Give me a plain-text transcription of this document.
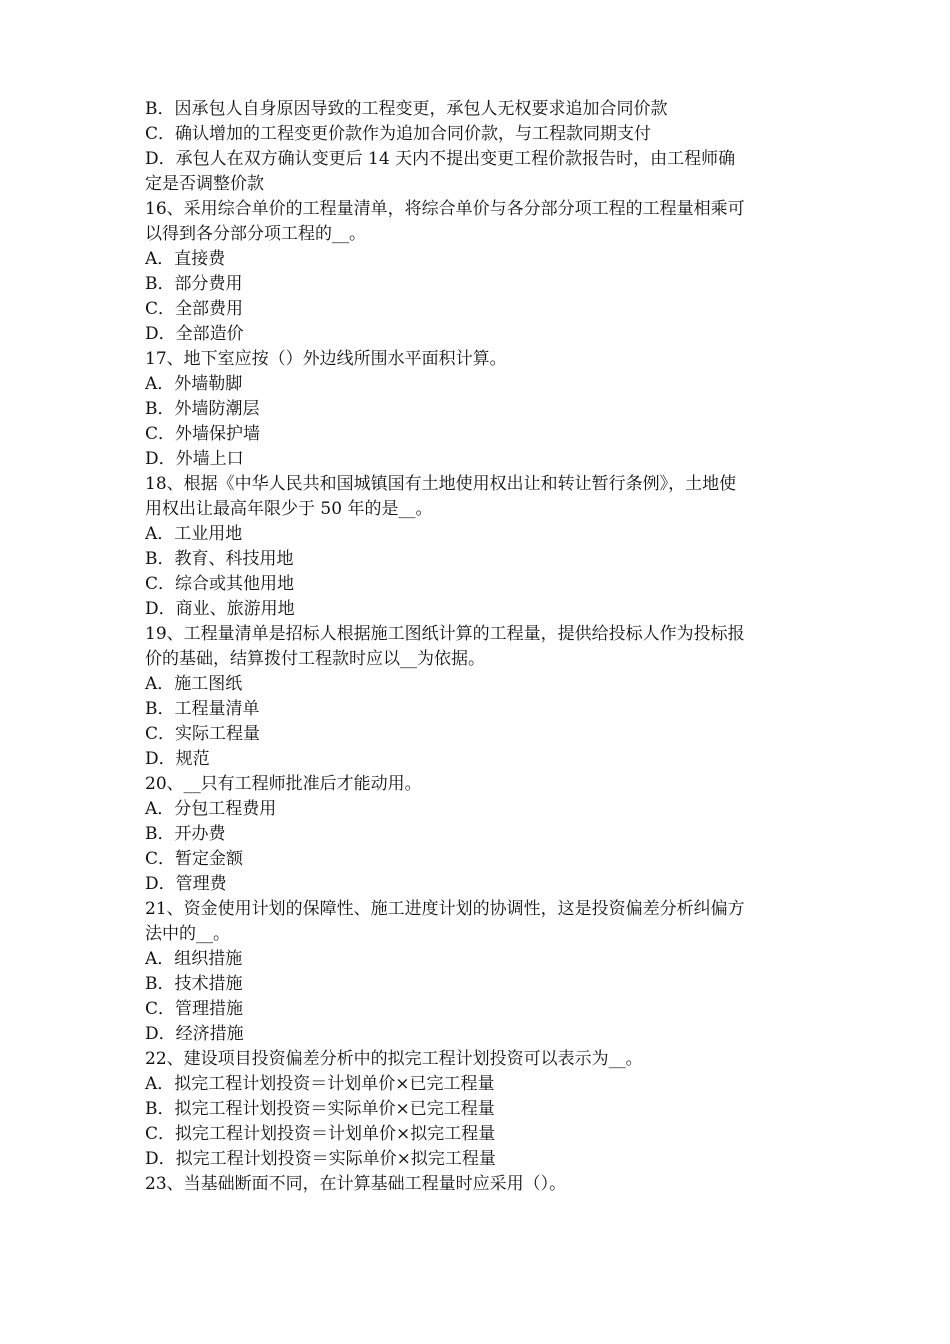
B．因承包人自身原因导致的工程变更，承包人无权要求追加合同价款
C．确认增加的工程变更价款作为追加合同价款，与工程款同期支付
D．承包人在双方确认变更后 14 天内不提出变更工程价款报告时，由工程师确
定是否调整价款
16、采用综合单价的工程量清单，将综合单价与各分部分项工程的工程量相乘可
以得到各分部分项工程的__。
A．直接费
B．部分费用
C．全部费用
D．全部造价
17、地下室应按（）外边线所围水平面积计算。
A．外墙勒脚
B．外墙防潮层
C．外墙保护墙
D．外墙上口
18、根据《中华人民共和国城镇国有土地使用权出让和转让暂行条例》，土地使
用权出让最高年限少于 50 年的是__。
A．工业用地
B．教育、科技用地
C．综合或其他用地
D．商业、旅游用地
19、工程量清单是招标人根据施工图纸计算的工程量，提供给投标人作为投标报
价的基础，结算拨付工程款时应以__为依据。
A．施工图纸
B．工程量清单
C．实际工程量
D．规范
20、__只有工程师批准后才能动用。
A．分包工程费用
B．开办费
C．暂定金额
D．管理费
21、资金使用计划的保障性、施工进度计划的协调性，这是投资偏差分析纠偏方
法中的__。
A．组织措施
B．技术措施
C．管理措施
D．经济措施
22、建设项目投资偏差分析中的拟完工程计划投资可以表示为__。
A．拟完工程计划投资＝计划单价×已完工程量
B．拟完工程计划投资＝实际单价×已完工程量
C．拟完工程计划投资＝计划单价×拟完工程量
D．拟完工程计划投资＝实际单价×拟完工程量
23、当基础断面不同，在计算基础工程量时应采用（）。
